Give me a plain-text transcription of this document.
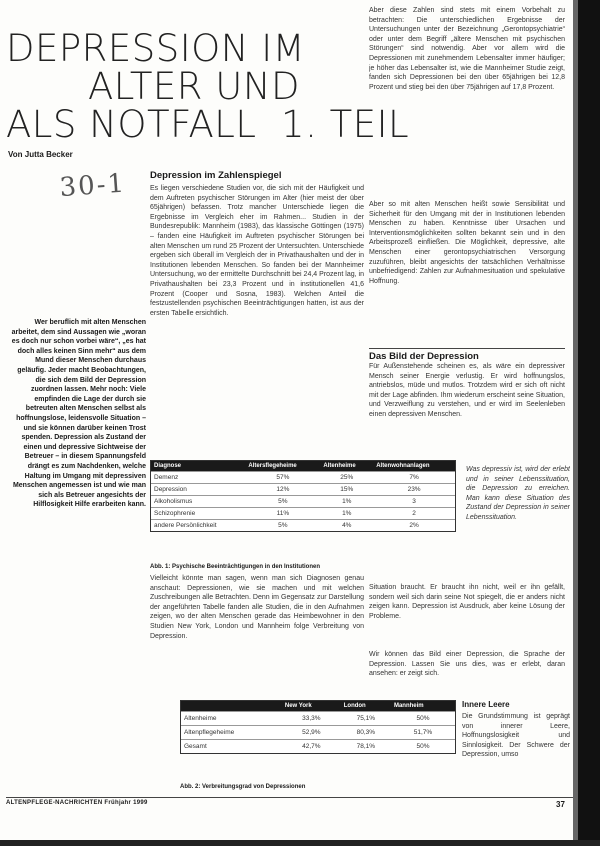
DEPRESSION IM
ALTER UND
ALS NOTFALL 1. TEIL
Von Jutta Becker
30-1
Wer beruflich mit alten Menschen arbeitet, dem sind Aussagen wie „woran es doch nur schon vorbei wäre“, „es hat doch alles keinen Sinn mehr“ aus dem Mund dieser Menschen durchaus geläufig. Jeder macht Beobachtungen, die sich dem Bild der Depression zuordnen lassen. Mehr noch: Viele empfinden die Lage der durch sie betreuten alten Menschen selbst als hoffnungslose, leidensvolle Situation – und sie können darüber keinen Trost spenden. Depression als Zustand der einen und depressive Sichtweise der Betreuer – in diesem Spannungsfeld drängt es zum Nachdenken, welche Haltung im Umgang mit depressiven Menschen angemessen ist und wie man sich als Betreuer angesichts der Hilflosigkeit Hilfe erarbeiten kann.
Depression im Zahlenspiegel
Es liegen verschiedene Studien vor, die sich mit der Häufigkeit und dem Auftreten psychischer Störungen im Alter (hier meist der über 65jährigen) befassen. Trotz mancher Unterschiede liegen die Ergebnisse im Vergleich eher im Rahmen... Studien in der Bundesrepublik: Mannheim (1983), das klassische Göttingen (1975) – fanden eine Häufigkeit im Auftreten psychischer Störungen bei alten Menschen um rund 25 Prozent der Untersuchten. Unterschiede ergeben sich überall im Vergleich der in Privathaushalten und der in Institutionen lebenden Menschen. So fanden bei der Mannheimer Untersuchung, wo der ermittelte Durchschnitt bei 24,4 Prozent lag, in Privathaushalten bei 23,3 Prozent und in institutionellen 41,6 Prozent (Cooper und Sosna, 1983). Welchen Anteil die festzustellenden psychischen Beeinträchtigungen hatten, ist aus der ersten Tabelle ersichtlich.
Aber diese Zahlen sind stets mit einem Vorbehalt zu betrachten: Die unterschiedlichen Ergebnisse der Untersuchungen unter der Bezeichnung „Gerontopsychiatrie“ oder unter dem Begriff „ältere Menschen mit psychischen Störungen“ sind notwendig. Aber vor allem wird die Depressionen mit zunehmendem Lebensalter immer häufiger; je höher das Lebensalter ist, wie die Mannheimer Studie zeigt, fanden sich Depressionen bei den über 65jährigen bei 12,8 Prozent und stieg bei den über 75jährigen auf 17,8 Prozent.
Aber so mit alten Menschen heißt sowie Sensibilität und Sicherheit für den Umgang mit der in Institutionen lebenden Menschen zu haben. Kenntnisse über Ursachen und Interventionsmöglichkeiten sollten bekannt sein und in den Arbeitsprozeß einfließen. Die Möglichkeit, depressive, alte Menschen einer gerontopsychiatrischen Versorgung zuzuführen, bleibt angesichts der tatsächlichen Verhältnisse unbefriedigend: Zahlen zur Aufnahmesituation und spekulative Hoffnung.
Das Bild der Depression
Für Außenstehende scheinen es, als wäre ein depressiver Mensch seiner Energie verlustig. Er wird hoffnungslos, antriebslos, müde und mutlos. Trotzdem wird er sich oft nicht mit der Lage abfinden. Ihm wiederum erscheint seine Situation, und Verzweiflung zu verstehen, und er wird im Seelenleben einen depressiven Menschen.
Was depressiv ist, wird der erlebt und in seiner Lebenssituation, die Depression zu erreichen. Man kann diese Situation des Zustand der Depression in seiner Lebenssituation.
Diagnose	Altersflegeheime	Altenheime	Altenwohnanlagen
Demenz	57%	25%	7%
Depression	12%	15%	23%
Alkoholismus	5%	1%	3
Schizophrenie	11%	1%	2
andere Persönlichkeit	5%	4%	2%
Abb. 1: Psychische Beeinträchtigungen in den Institutionen
Vielleicht könnte man sagen, wenn man sich Diagnosen genau anschaut: Depressionen, wie sie machen und mit welchen Zuschreibungen alle Betrachten. Denn im Gegensatz zur Darstellung der angeführten Tabelle fanden alle Studien, die in den Aufnahmen zeigen, wo der alten Menschen gerade das Heimbewohner in den Studien New York, London und Mannheim folge Verbreitung von Depression.
Situation braucht. Er braucht ihn nicht, weil er ihn gefällt, sondern weil sich darin seine Not spiegelt, die er anders nicht zeigen kann. Depression ist Ausdruck, aber keine Lösung der Probleme.
Wir können das Bild einer Depression, die Sprache der Depression. Lassen Sie uns dies, was er erlebt, daran ansehen: er zeigt sich.
Innere Leere
Die Grundstimmung ist geprägt von innerer Leere, Hoffnungslosigkeit und Sinnlosigkeit. Der Schwere der Depression, umso
	New York	London	Mannheim
Altenheime	33,3%	75,1%	50%
Altenpflegeheime	52,9%	80,3%	51,7%
Gesamt	42,7%	78,1%	50%
Abb. 2: Verbreitungsgrad von Depressionen
ALTENPFLEGE-NACHRICHTEN Frühjahr 1999	37
